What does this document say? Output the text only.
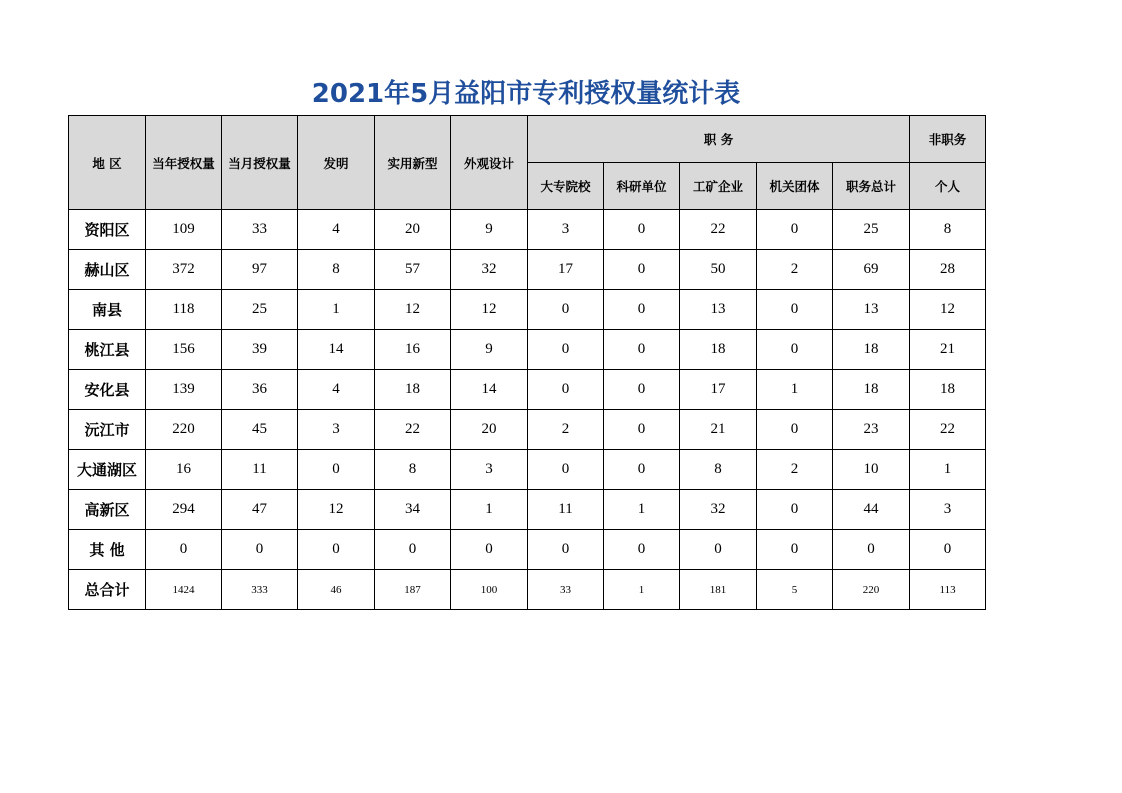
2021年5月益阳市专利授权量统计表
地 区	当年授权量	当月授权量	发明	实用新型	外观设计	职 务					非职务
						大专院校	科研单位	工矿企业	机关团体	职务总计	个人
资阳区	109	33	4	20	9	3	0	22	0	25	8
赫山区	372	97	8	57	32	17	0	50	2	69	28
南县	118	25	1	12	12	0	0	13	0	13	12
桃江县	156	39	14	16	9	0	0	18	0	18	21
安化县	139	36	4	18	14	0	0	17	1	18	18
沅江市	220	45	3	22	20	2	0	21	0	23	22
大通湖区	16	11	0	8	3	0	0	8	2	10	1
高新区	294	47	12	34	1	11	1	32	0	44	3
其 他	0	0	0	0	0	0	0	0	0	0	0
总合计	1424	333	46	187	100	33	1	181	5	220	113
